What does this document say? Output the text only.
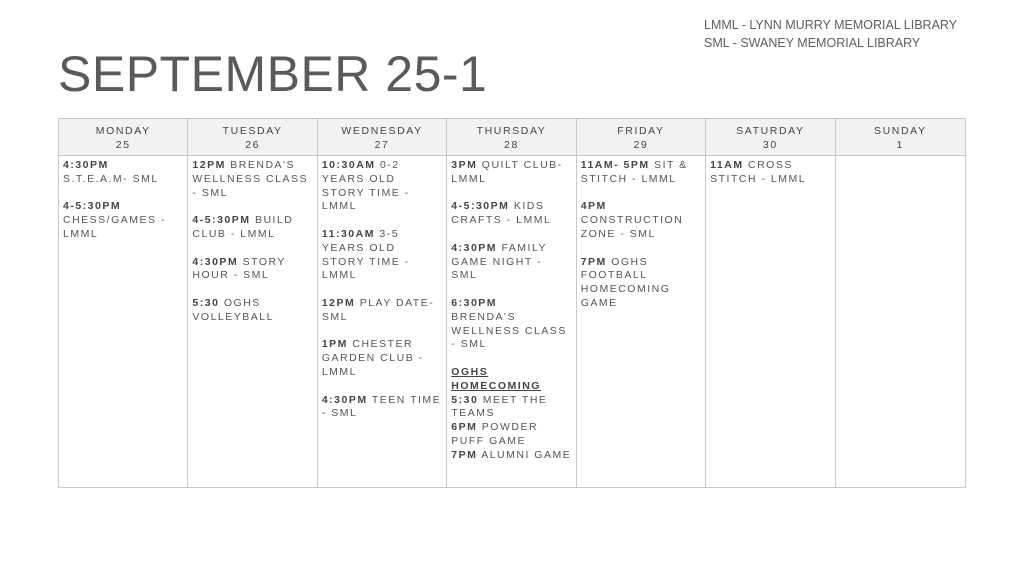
LMML - LYNN MURRY MEMORIAL LIBRARY
SML - SWANEY MEMORIAL LIBRARY
SEPTEMBER 25-1
MONDAY
25
TUESDAY
26
WEDNESDAY
27
THURSDAY
28
FRIDAY
29
SATURDAY
30
SUNDAY
1
4:30PM
S.T.E.A.M- SML
4-5:30PM
CHESS/GAMES - LMML
12PM BRENDA'S WELLNESS CLASS - SML
4-5:30PM BUILD CLUB - LMML
4:30PM STORY HOUR - SML
5:30 OGHS VOLLEYBALL
10:30AM 0-2 YEARS OLD STORY TIME - LMML
11:30AM 3-5 YEARS OLD STORY TIME - LMML
12PM PLAY DATE- SML
1PM CHESTER GARDEN CLUB - LMML
4:30PM TEEN TIME - SML
3PM QUILT CLUB- LMML
4-5:30PM KIDS CRAFTS - LMML
4:30PM FAMILY GAME NIGHT - SML
6:30PM
BRENDA'S WELLNESS CLASS - SML
OGHS HOMECOMING
5:30 MEET THE TEAMS
6PM POWDER PUFF GAME
7PM ALUMNI GAME
11AM- 5PM SIT & STITCH - LMML
4PM
CONSTRUCTION ZONE - SML
7PM OGHS FOOTBALL HOMECOMING GAME
11AM CROSS STITCH - LMML
